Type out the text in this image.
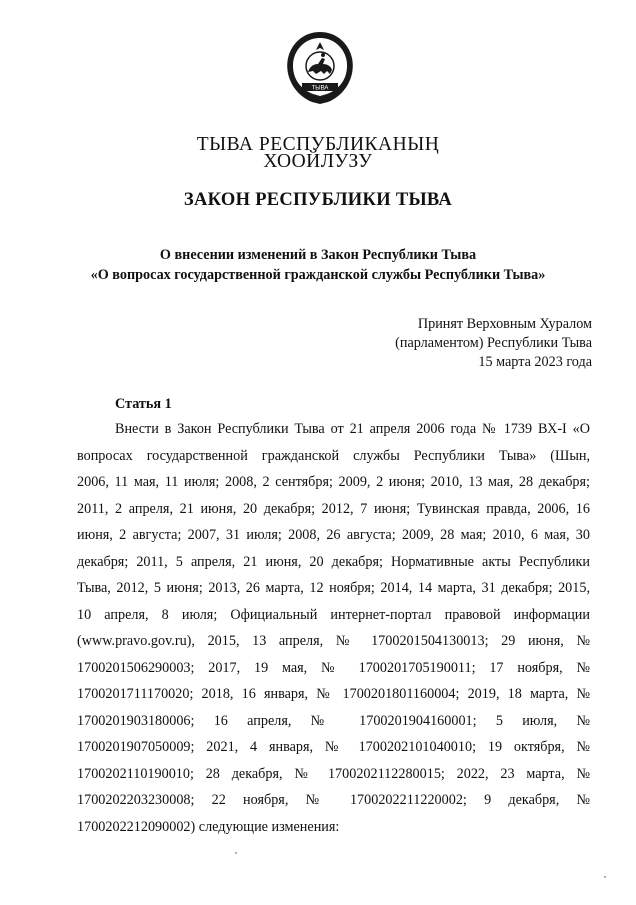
ТЫВА
ТЫВА РЕСПУБЛИКАНЫҢ
ХООЙЛУЗУ
ЗАКОН РЕСПУБЛИКИ ТЫВА
О внесении изменений в Закон Республики Тыва
«О вопросах государственной гражданской службы Республики Тыва»
Принят Верховным Хуралом
(парламентом) Республики Тыва
15 марта 2023 года
Статья 1
Внести в Закон Республики Тыва от 21 апреля 2006 года № 1739 ВХ-I «О
вопросах государственной гражданской службы Республики Тыва» (Шын,
2006, 11 мая, 11 июля; 2008, 2 сентября; 2009, 2 июня; 2010, 13 мая, 28 декабря;
2011, 2 апреля, 21 июня, 20 декабря; 2012, 7 июня; Тувинская правда, 2006, 16
июня, 2 августа; 2007, 31 июля; 2008, 26 августа; 2009, 28 мая; 2010, 6 мая, 30
декабря; 2011, 5 апреля, 21 июня, 20 декабря; Нормативные акты Республики
Тыва, 2012, 5 июня; 2013, 26 марта, 12 ноября; 2014, 14 марта, 31 декабря; 2015,
10 апреля, 8 июля; Официальный интернет-портал правовой информации
(www.pravo.gov.ru), 2015, 13 апреля, № 1700201504130013; 29 июня, №
1700201506290003; 2017, 19 мая, № 1700201705190011; 17 ноября, №
1700201711170020; 2018, 16 января, № 1700201801160004; 2019, 18 марта, №
1700201903180006; 16 апреля, № 1700201904160001; 5 июля, №
1700201907050009; 2021, 4 января, № 1700202101040010; 19 октября, №
1700202110190010; 28 декабря, № 1700202112280015; 2022, 23 марта, №
1700202203230008; 22 ноября, № 1700202211220002; 9 декабря, №
1700202212090002) следующие изменения:
